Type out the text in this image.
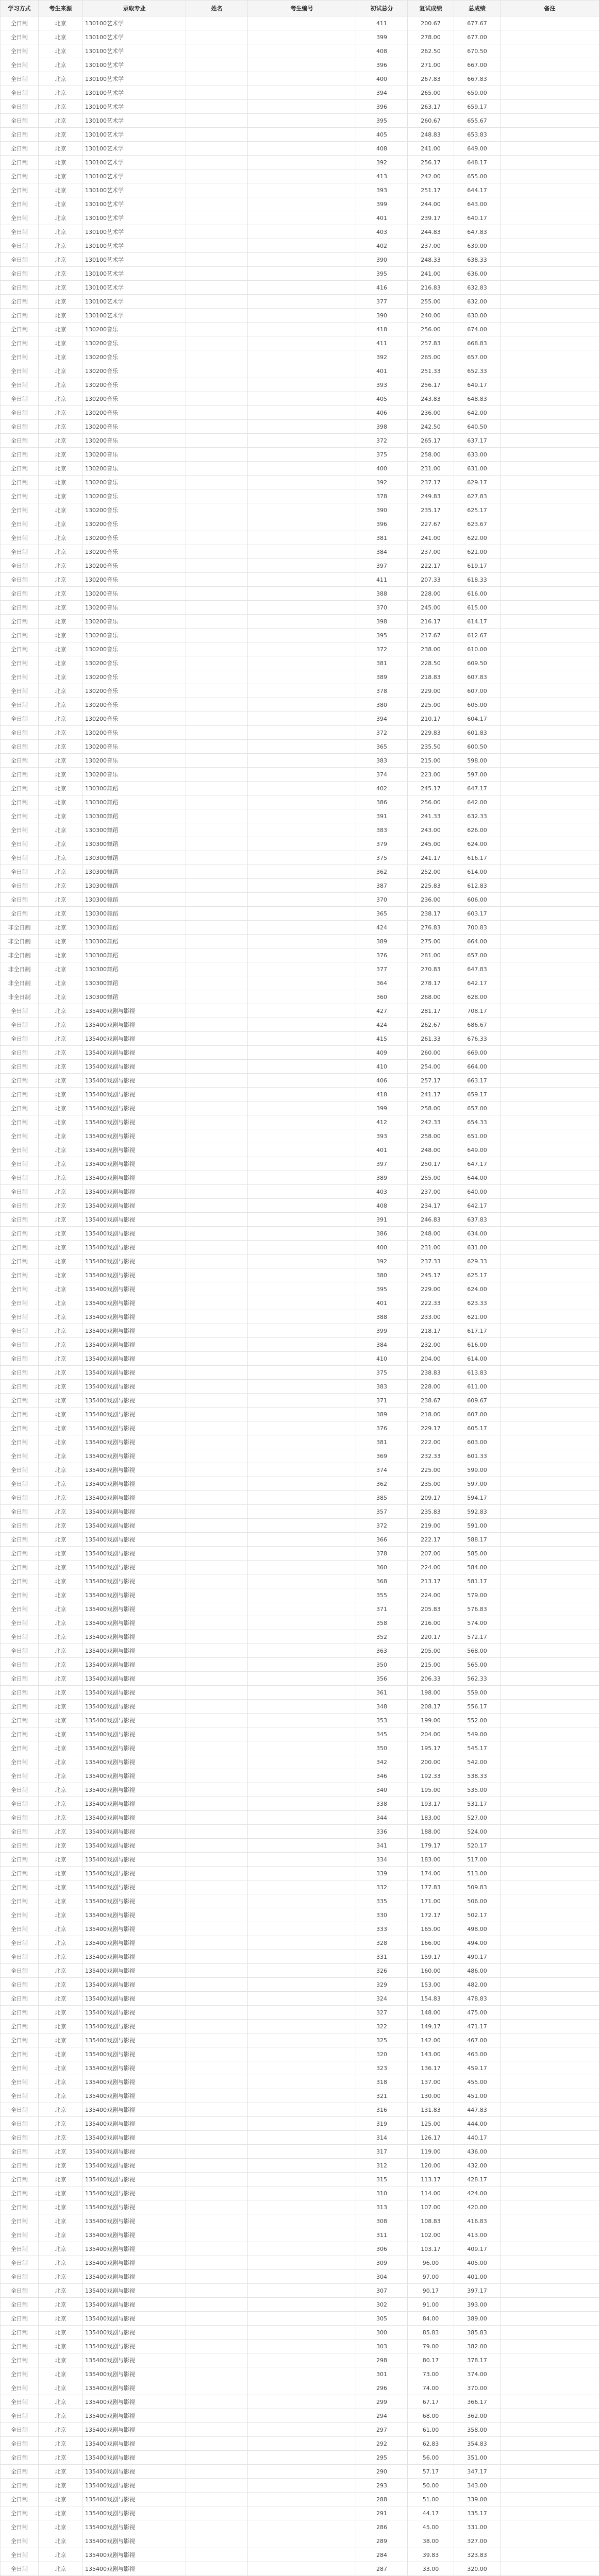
学习方式	考生来源	录取专业	姓名	考生编号	初试总分	复试成绩	总成绩	备注
全日制	北京	130100艺术学			411	200.67	677.67	
全日制	北京	130100艺术学			399	278.00	677.00	
全日制	北京	130100艺术学			408	262.50	670.50	
全日制	北京	130100艺术学			396	271.00	667.00	
全日制	北京	130100艺术学			400	267.83	667.83	
全日制	北京	130100艺术学			394	265.00	659.00	
全日制	北京	130100艺术学			396	263.17	659.17	
全日制	北京	130100艺术学			395	260.67	655.67	
全日制	北京	130100艺术学			405	248.83	653.83	
全日制	北京	130100艺术学			408	241.00	649.00	
全日制	北京	130100艺术学			392	256.17	648.17	
全日制	北京	130100艺术学			413	242.00	655.00	
全日制	北京	130100艺术学			393	251.17	644.17	
全日制	北京	130100艺术学			399	244.00	643.00	
全日制	北京	130100艺术学			401	239.17	640.17	
全日制	北京	130100艺术学			403	244.83	647.83	
全日制	北京	130100艺术学			402	237.00	639.00	
全日制	北京	130100艺术学			390	248.33	638.33	
全日制	北京	130100艺术学			395	241.00	636.00	
全日制	北京	130100艺术学			416	216.83	632.83	
全日制	北京	130100艺术学			377	255.00	632.00	
全日制	北京	130100艺术学			390	240.00	630.00	
全日制	北京	130200音乐			418	256.00	674.00	
全日制	北京	130200音乐			411	257.83	668.83	
全日制	北京	130200音乐			392	265.00	657.00	
全日制	北京	130200音乐			401	251.33	652.33	
全日制	北京	130200音乐			393	256.17	649.17	
全日制	北京	130200音乐			405	243.83	648.83	
全日制	北京	130200音乐			406	236.00	642.00	
全日制	北京	130200音乐			398	242.50	640.50	
全日制	北京	130200音乐			372	265.17	637.17	
全日制	北京	130200音乐			375	258.00	633.00	
全日制	北京	130200音乐			400	231.00	631.00	
全日制	北京	130200音乐			392	237.17	629.17	
全日制	北京	130200音乐			378	249.83	627.83	
全日制	北京	130200音乐			390	235.17	625.17	
全日制	北京	130200音乐			396	227.67	623.67	
全日制	北京	130200音乐			381	241.00	622.00	
全日制	北京	130200音乐			384	237.00	621.00	
全日制	北京	130200音乐			397	222.17	619.17	
全日制	北京	130200音乐			411	207.33	618.33	
全日制	北京	130200音乐			388	228.00	616.00	
全日制	北京	130200音乐			370	245.00	615.00	
全日制	北京	130200音乐			398	216.17	614.17	
全日制	北京	130200音乐			395	217.67	612.67	
全日制	北京	130200音乐			372	238.00	610.00	
全日制	北京	130200音乐			381	228.50	609.50	
全日制	北京	130200音乐			389	218.83	607.83	
全日制	北京	130200音乐			378	229.00	607.00	
全日制	北京	130200音乐			380	225.00	605.00	
全日制	北京	130200音乐			394	210.17	604.17	
全日制	北京	130200音乐			372	229.83	601.83	
全日制	北京	130200音乐			365	235.50	600.50	
全日制	北京	130200音乐			383	215.00	598.00	
全日制	北京	130200音乐			374	223.00	597.00	
全日制	北京	130300舞蹈			402	245.17	647.17	
全日制	北京	130300舞蹈			386	256.00	642.00	
全日制	北京	130300舞蹈			391	241.33	632.33	
全日制	北京	130300舞蹈			383	243.00	626.00	
全日制	北京	130300舞蹈			379	245.00	624.00	
全日制	北京	130300舞蹈			375	241.17	616.17	
全日制	北京	130300舞蹈			362	252.00	614.00	
全日制	北京	130300舞蹈			387	225.83	612.83	
全日制	北京	130300舞蹈			370	236.00	606.00	
全日制	北京	130300舞蹈			365	238.17	603.17	
非全日制	北京	130300舞蹈			424	276.83	700.83	
非全日制	北京	130300舞蹈			389	275.00	664.00	
非全日制	北京	130300舞蹈			376	281.00	657.00	
非全日制	北京	130300舞蹈			377	270.83	647.83	
非全日制	北京	130300舞蹈			364	278.17	642.17	
非全日制	北京	130300舞蹈			360	268.00	628.00	
全日制	北京	135400戏剧与影视			427	281.17	708.17	
全日制	北京	135400戏剧与影视			424	262.67	686.67	
全日制	北京	135400戏剧与影视			415	261.33	676.33	
全日制	北京	135400戏剧与影视			409	260.00	669.00	
全日制	北京	135400戏剧与影视			410	254.00	664.00	
全日制	北京	135400戏剧与影视			406	257.17	663.17	
全日制	北京	135400戏剧与影视			418	241.17	659.17	
全日制	北京	135400戏剧与影视			399	258.00	657.00	
全日制	北京	135400戏剧与影视			412	242.33	654.33	
全日制	北京	135400戏剧与影视			393	258.00	651.00	
全日制	北京	135400戏剧与影视			401	248.00	649.00	
全日制	北京	135400戏剧与影视			397	250.17	647.17	
全日制	北京	135400戏剧与影视			389	255.00	644.00	
全日制	北京	135400戏剧与影视			403	237.00	640.00	
全日制	北京	135400戏剧与影视			408	234.17	642.17	
全日制	北京	135400戏剧与影视			391	246.83	637.83	
全日制	北京	135400戏剧与影视			386	248.00	634.00	
全日制	北京	135400戏剧与影视			400	231.00	631.00	
全日制	北京	135400戏剧与影视			392	237.33	629.33	
全日制	北京	135400戏剧与影视			380	245.17	625.17	
全日制	北京	135400戏剧与影视			395	229.00	624.00	
全日制	北京	135400戏剧与影视			401	222.33	623.33	
全日制	北京	135400戏剧与影视			388	233.00	621.00	
全日制	北京	135400戏剧与影视			399	218.17	617.17	
全日制	北京	135400戏剧与影视			384	232.00	616.00	
全日制	北京	135400戏剧与影视			410	204.00	614.00	
全日制	北京	135400戏剧与影视			375	238.83	613.83	
全日制	北京	135400戏剧与影视			383	228.00	611.00	
全日制	北京	135400戏剧与影视			371	238.67	609.67	
全日制	北京	135400戏剧与影视			389	218.00	607.00	
全日制	北京	135400戏剧与影视			376	229.17	605.17	
全日制	北京	135400戏剧与影视			381	222.00	603.00	
全日制	北京	135400戏剧与影视			369	232.33	601.33	
全日制	北京	135400戏剧与影视			374	225.00	599.00	
全日制	北京	135400戏剧与影视			362	235.00	597.00	
全日制	北京	135400戏剧与影视			385	209.17	594.17	
全日制	北京	135400戏剧与影视			357	235.83	592.83	
全日制	北京	135400戏剧与影视			372	219.00	591.00	
全日制	北京	135400戏剧与影视			366	222.17	588.17	
全日制	北京	135400戏剧与影视			378	207.00	585.00	
全日制	北京	135400戏剧与影视			360	224.00	584.00	
全日制	北京	135400戏剧与影视			368	213.17	581.17	
全日制	北京	135400戏剧与影视			355	224.00	579.00	
全日制	北京	135400戏剧与影视			371	205.83	576.83	
全日制	北京	135400戏剧与影视			358	216.00	574.00	
全日制	北京	135400戏剧与影视			352	220.17	572.17	
全日制	北京	135400戏剧与影视			363	205.00	568.00	
全日制	北京	135400戏剧与影视			350	215.00	565.00	
全日制	北京	135400戏剧与影视			356	206.33	562.33	
全日制	北京	135400戏剧与影视			361	198.00	559.00	
全日制	北京	135400戏剧与影视			348	208.17	556.17	
全日制	北京	135400戏剧与影视			353	199.00	552.00	
全日制	北京	135400戏剧与影视			345	204.00	549.00	
全日制	北京	135400戏剧与影视			350	195.17	545.17	
全日制	北京	135400戏剧与影视			342	200.00	542.00	
全日制	北京	135400戏剧与影视			346	192.33	538.33	
全日制	北京	135400戏剧与影视			340	195.00	535.00	
全日制	北京	135400戏剧与影视			338	193.17	531.17	
全日制	北京	135400戏剧与影视			344	183.00	527.00	
全日制	北京	135400戏剧与影视			336	188.00	524.00	
全日制	北京	135400戏剧与影视			341	179.17	520.17	
全日制	北京	135400戏剧与影视			334	183.00	517.00	
全日制	北京	135400戏剧与影视			339	174.00	513.00	
全日制	北京	135400戏剧与影视			332	177.83	509.83	
全日制	北京	135400戏剧与影视			335	171.00	506.00	
全日制	北京	135400戏剧与影视			330	172.17	502.17	
全日制	北京	135400戏剧与影视			333	165.00	498.00	
全日制	北京	135400戏剧与影视			328	166.00	494.00	
全日制	北京	135400戏剧与影视			331	159.17	490.17	
全日制	北京	135400戏剧与影视			326	160.00	486.00	
全日制	北京	135400戏剧与影视			329	153.00	482.00	
全日制	北京	135400戏剧与影视			324	154.83	478.83	
全日制	北京	135400戏剧与影视			327	148.00	475.00	
全日制	北京	135400戏剧与影视			322	149.17	471.17	
全日制	北京	135400戏剧与影视			325	142.00	467.00	
全日制	北京	135400戏剧与影视			320	143.00	463.00	
全日制	北京	135400戏剧与影视			323	136.17	459.17	
全日制	北京	135400戏剧与影视			318	137.00	455.00	
全日制	北京	135400戏剧与影视			321	130.00	451.00	
全日制	北京	135400戏剧与影视			316	131.83	447.83	
全日制	北京	135400戏剧与影视			319	125.00	444.00	
全日制	北京	135400戏剧与影视			314	126.17	440.17	
全日制	北京	135400戏剧与影视			317	119.00	436.00	
全日制	北京	135400戏剧与影视			312	120.00	432.00	
全日制	北京	135400戏剧与影视			315	113.17	428.17	
全日制	北京	135400戏剧与影视			310	114.00	424.00	
全日制	北京	135400戏剧与影视			313	107.00	420.00	
全日制	北京	135400戏剧与影视			308	108.83	416.83	
全日制	北京	135400戏剧与影视			311	102.00	413.00	
全日制	北京	135400戏剧与影视			306	103.17	409.17	
全日制	北京	135400戏剧与影视			309	96.00	405.00	
全日制	北京	135400戏剧与影视			304	97.00	401.00	
全日制	北京	135400戏剧与影视			307	90.17	397.17	
全日制	北京	135400戏剧与影视			302	91.00	393.00	
全日制	北京	135400戏剧与影视			305	84.00	389.00	
全日制	北京	135400戏剧与影视			300	85.83	385.83	
全日制	北京	135400戏剧与影视			303	79.00	382.00	
全日制	北京	135400戏剧与影视			298	80.17	378.17	
全日制	北京	135400戏剧与影视			301	73.00	374.00	
全日制	北京	135400戏剧与影视			296	74.00	370.00	
全日制	北京	135400戏剧与影视			299	67.17	366.17	
全日制	北京	135400戏剧与影视			294	68.00	362.00	
全日制	北京	135400戏剧与影视			297	61.00	358.00	
全日制	北京	135400戏剧与影视			292	62.83	354.83	
全日制	北京	135400戏剧与影视			295	56.00	351.00	
全日制	北京	135400戏剧与影视			290	57.17	347.17	
全日制	北京	135400戏剧与影视			293	50.00	343.00	
全日制	北京	135400戏剧与影视			288	51.00	339.00	
全日制	北京	135400戏剧与影视			291	44.17	335.17	
全日制	北京	135400戏剧与影视			286	45.00	331.00	
全日制	北京	135400戏剧与影视			289	38.00	327.00	
全日制	北京	135400戏剧与影视			284	39.83	323.83	
全日制	北京	135400戏剧与影视			287	33.00	320.00	
